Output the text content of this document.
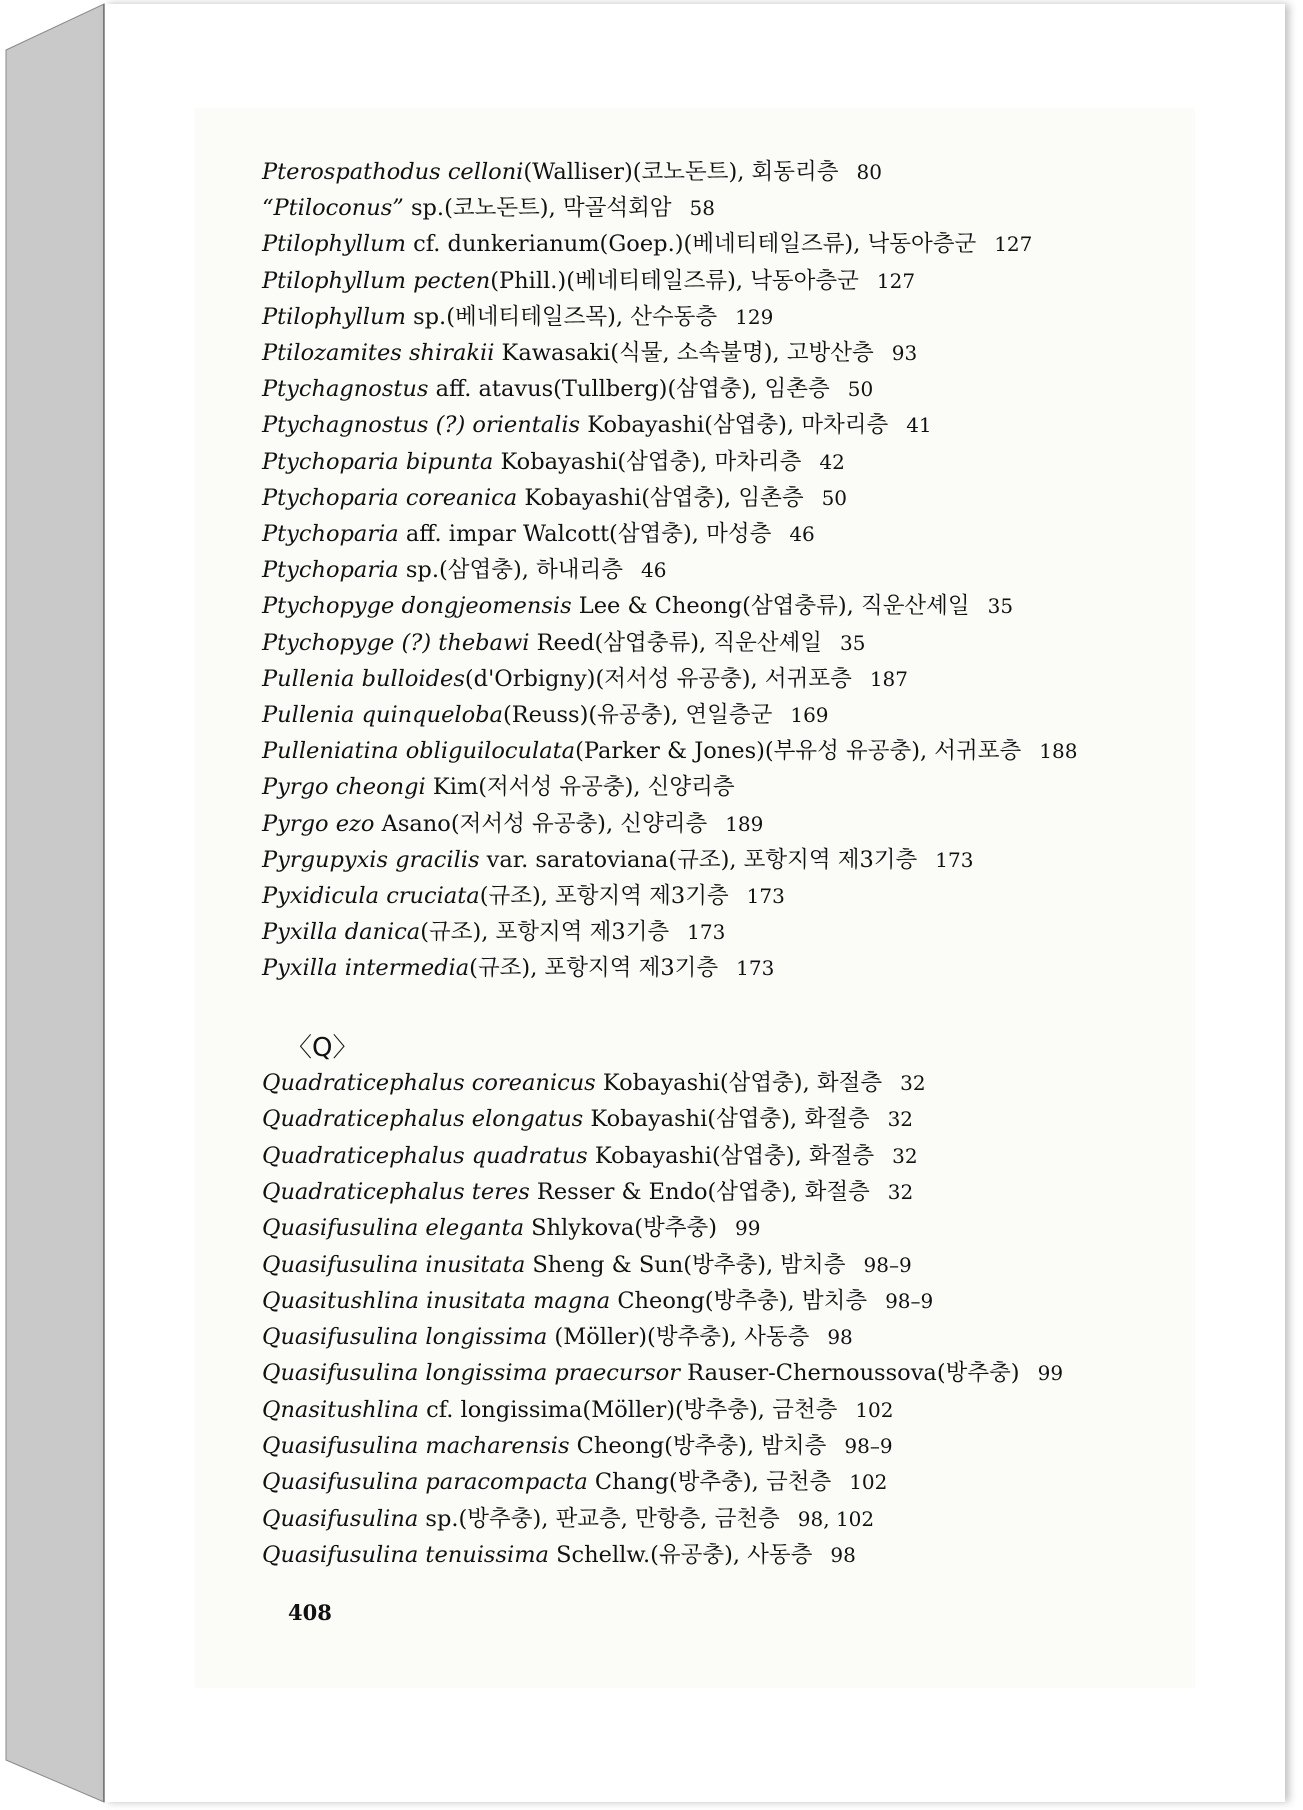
Pterospathodus celloni(Walliser)(코노돈트), 회동리층 80
“Ptiloconus” sp.(코노돈트), 막골석회암 58
Ptilophyllum cf. dunkerianum(Goep.)(베네티테일즈류), 낙동아층군 127
Ptilophyllum pecten(Phill.)(베네티테일즈류), 낙동아층군 127
Ptilophyllum sp.(베네티테일즈목), 산수동층 129
Ptilozamites shirakii Kawasaki(식물, 소속불명), 고방산층 93
Ptychagnostus aff. atavus(Tullberg)(삼엽충), 임촌층 50
Ptychagnostus (?) orientalis Kobayashi(삼엽충), 마차리층 41
Ptychoparia bipunta Kobayashi(삼엽충), 마차리층 42
Ptychoparia coreanica Kobayashi(삼엽충), 임촌층 50
Ptychoparia aff. impar Walcott(삼엽충), 마성층 46
Ptychoparia sp.(삼엽충), 하내리층 46
Ptychopyge dongjeomensis Lee & Cheong(삼엽충류), 직운산셰일 35
Ptychopyge (?) thebawi Reed(삼엽충류), 직운산셰일 35
Pullenia bulloides(d'Orbigny)(저서성 유공충), 서귀포층 187
Pullenia quinqueloba(Reuss)(유공충), 연일층군 169
Pulleniatina obliguiloculata(Parker & Jones)(부유성 유공충), 서귀포층 188
Pyrgo cheongi Kim(저서성 유공충), 신양리층
Pyrgo ezo Asano(저서성 유공충), 신양리층 189
Pyrgupyxis gracilis var. saratoviana(규조), 포항지역 제3기층 173
Pyxidicula cruciata(규조), 포항지역 제3기층 173
Pyxilla danica(규조), 포항지역 제3기층 173
Pyxilla intermedia(규조), 포항지역 제3기층 173
Quadraticephalus coreanicus Kobayashi(삼엽충), 화절층 32
Quadraticephalus elongatus Kobayashi(삼엽충), 화절층 32
Quadraticephalus quadratus Kobayashi(삼엽충), 화절층 32
Quadraticephalus teres Resser & Endo(삼엽충), 화절층 32
Quasifusulina eleganta Shlykova(방추충) 99
Quasifusulina inusitata Sheng & Sun(방추충), 밤치층 98–9
Quasitushlina inusitata magna Cheong(방추충), 밤치층 98–9
Quasifusulina longissima (Möller)(방추충), 사동층 98
Quasifusulina longissima praecursor Rauser-Chernoussova(방추충) 99
Qnasitushlina cf. longissima(Möller)(방추충), 금천층 102
Quasifusulina macharensis Cheong(방추충), 밤치층 98–9
Quasifusulina paracompacta Chang(방추충), 금천층 102
Quasifusulina sp.(방추충), 판교층, 만항층, 금천층 98, 102
Quasifusulina tenuissima Schellw.(유공충), 사동층 98
〈Q〉
408
